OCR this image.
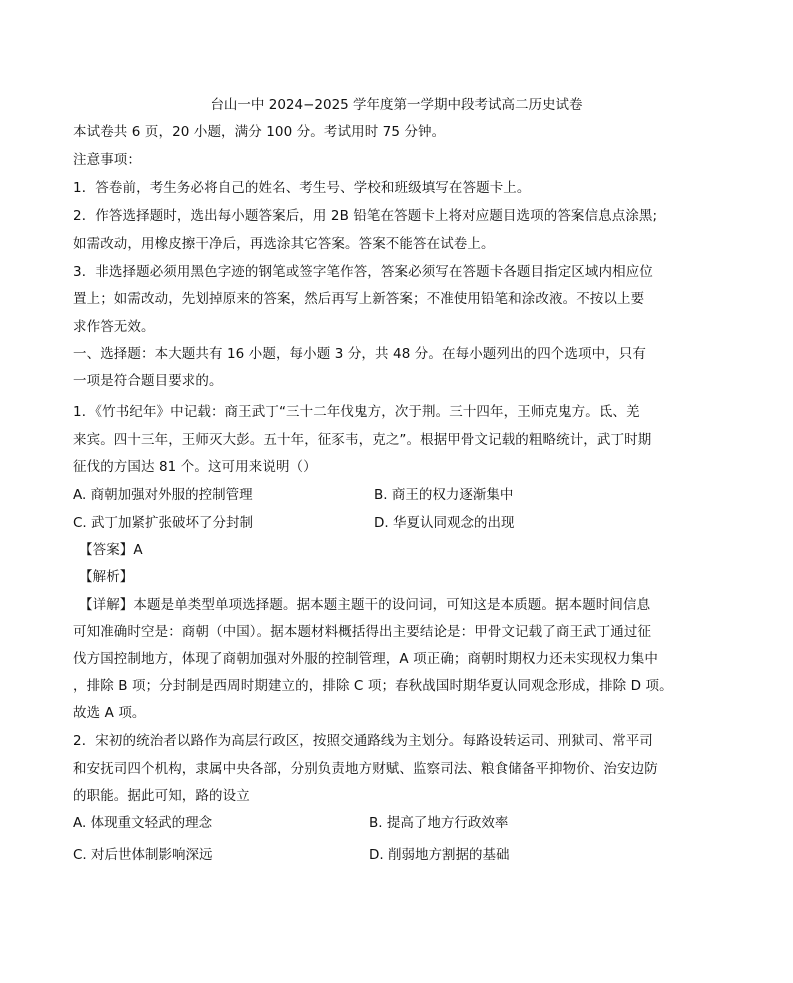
台山一中 2024−2025 学年度第一学期中段考试高二历史试卷
本试卷共 6 页，20 小题，满分 100 分。考试用时 75 分钟。
注意事项：
1．答卷前，考生务必将自己的姓名、考生号、学校和班级填写在答题卡上。
2．作答选择题时，选出每小题答案后，用 2B 铅笔在答题卡上将对应题目选项的答案信息点涂黑;
如需改动，用橡皮擦干净后，再选涂其它答案。答案不能答在试卷上。
3．非选择题必须用黑色字迹的钢笔或签字笔作答，答案必须写在答题卡各题目指定区域内相应位
置上；如需改动，先划掉原来的答案，然后再写上新答案；不准使用铅笔和涂改液。不按以上要
求作答无效。
一、选择题：本大题共有 16 小题，每小题 3 分，共 48 分。在每小题列出的四个选项中，只有
一项是符合题目要求的。
1．《竹书纪年》中记载：商王武丁“三十二年伐鬼方，次于荆。三十四年，王师克鬼方。氐、羌
来宾。四十三年，王师灭大彭。五十年，征豕韦，克之”。根据甲骨文记载的粗略统计，武丁时期
征伐的方国达 81 个。这可用来说明（）
A. 商朝加强对外服的控制管理	B. 商王的权力逐渐集中
C. 武丁加紧扩张破坏了分封制	D. 华夏认同观念的出现
【答案】A
【解析】
【详解】本题是单类型单项选择题。据本题主题干的设问词，可知这是本质题。据本题时间信息
可知准确时空是：商朝（中国）。据本题材料概括得出主要结论是：甲骨文记载了商王武丁通过征
伐方国控制地方，体现了商朝加强对外服的控制管理，A 项正确；商朝时期权力还未实现权力集中
，排除 B 项；分封制是西周时期建立的，排除 C 项；春秋战国时期华夏认同观念形成，排除 D 项。
故选 A 项。
2．宋初的统治者以路作为高层行政区，按照交通路线为主划分。每路设转运司、刑狱司、常平司
和安抚司四个机构，隶属中央各部，分别负责地方财赋、监察司法、粮食储备平抑物价、治安边防
的职能。据此可知，路的设立
A. 体现重文轻武的理念	B. 提高了地方行政效率
C. 对后世体制影响深远	D. 削弱地方割据的基础
